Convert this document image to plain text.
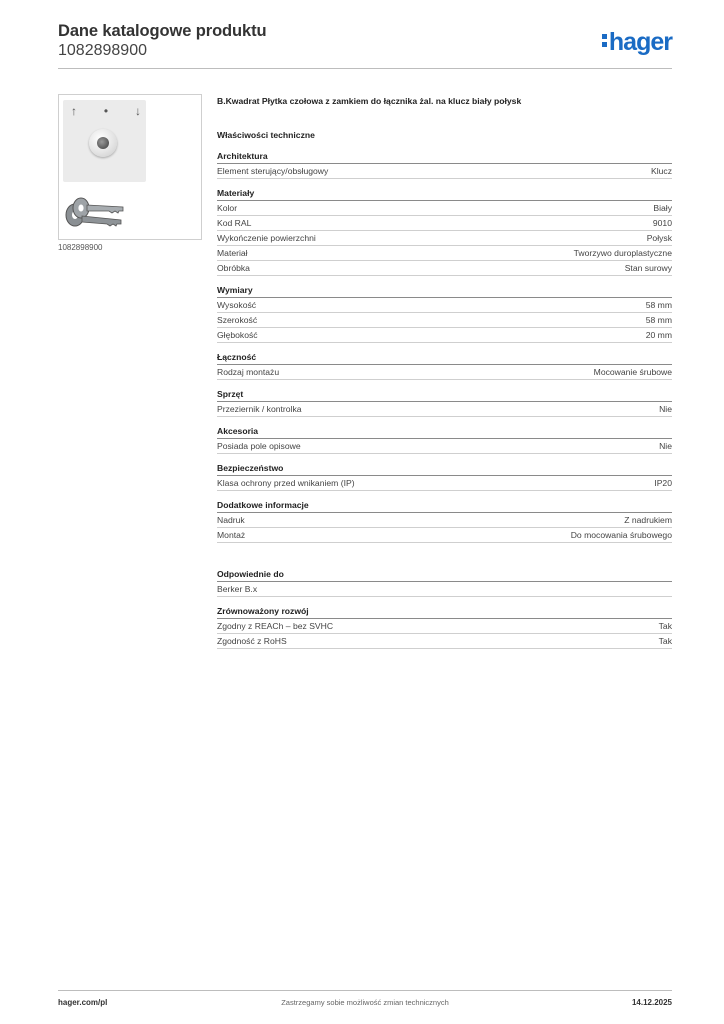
Dane katalogowe produktu
1082898900	hager
↑ • ↓
1082898900
B.Kwadrat Płytka czołowa z zamkiem do łącznika żal. na klucz biały połysk
Właściwości techniczne
Architektura
Element sterujący/obsługowy	Klucz
Materiały
Kolor	Biały
Kod RAL	9010
Wykończenie powierzchni	Połysk
Materiał	Tworzywo duroplastyczne
Obróbka	Stan surowy
Wymiary
Wysokość	58 mm
Szerokość	58 mm
Głębokość	20 mm
Łączność
Rodzaj montażu	Mocowanie śrubowe
Sprzęt
Przeziernik / kontrolka	Nie
Akcesoria
Posiada pole opisowe	Nie
Bezpieczeństwo
Klasa ochrony przed wnikaniem (IP)	IP20
Dodatkowe informacje
Nadruk	Z nadrukiem
Montaż	Do mocowania śrubowego
Odpowiednie do
Berker B.x
Zrównoważony rozwój
Zgodny z REACh – bez SVHC	Tak
Zgodność z RoHS	Tak
hager.com/pl	Zastrzegamy sobie możliwość zmian technicznych	14.12.2025
